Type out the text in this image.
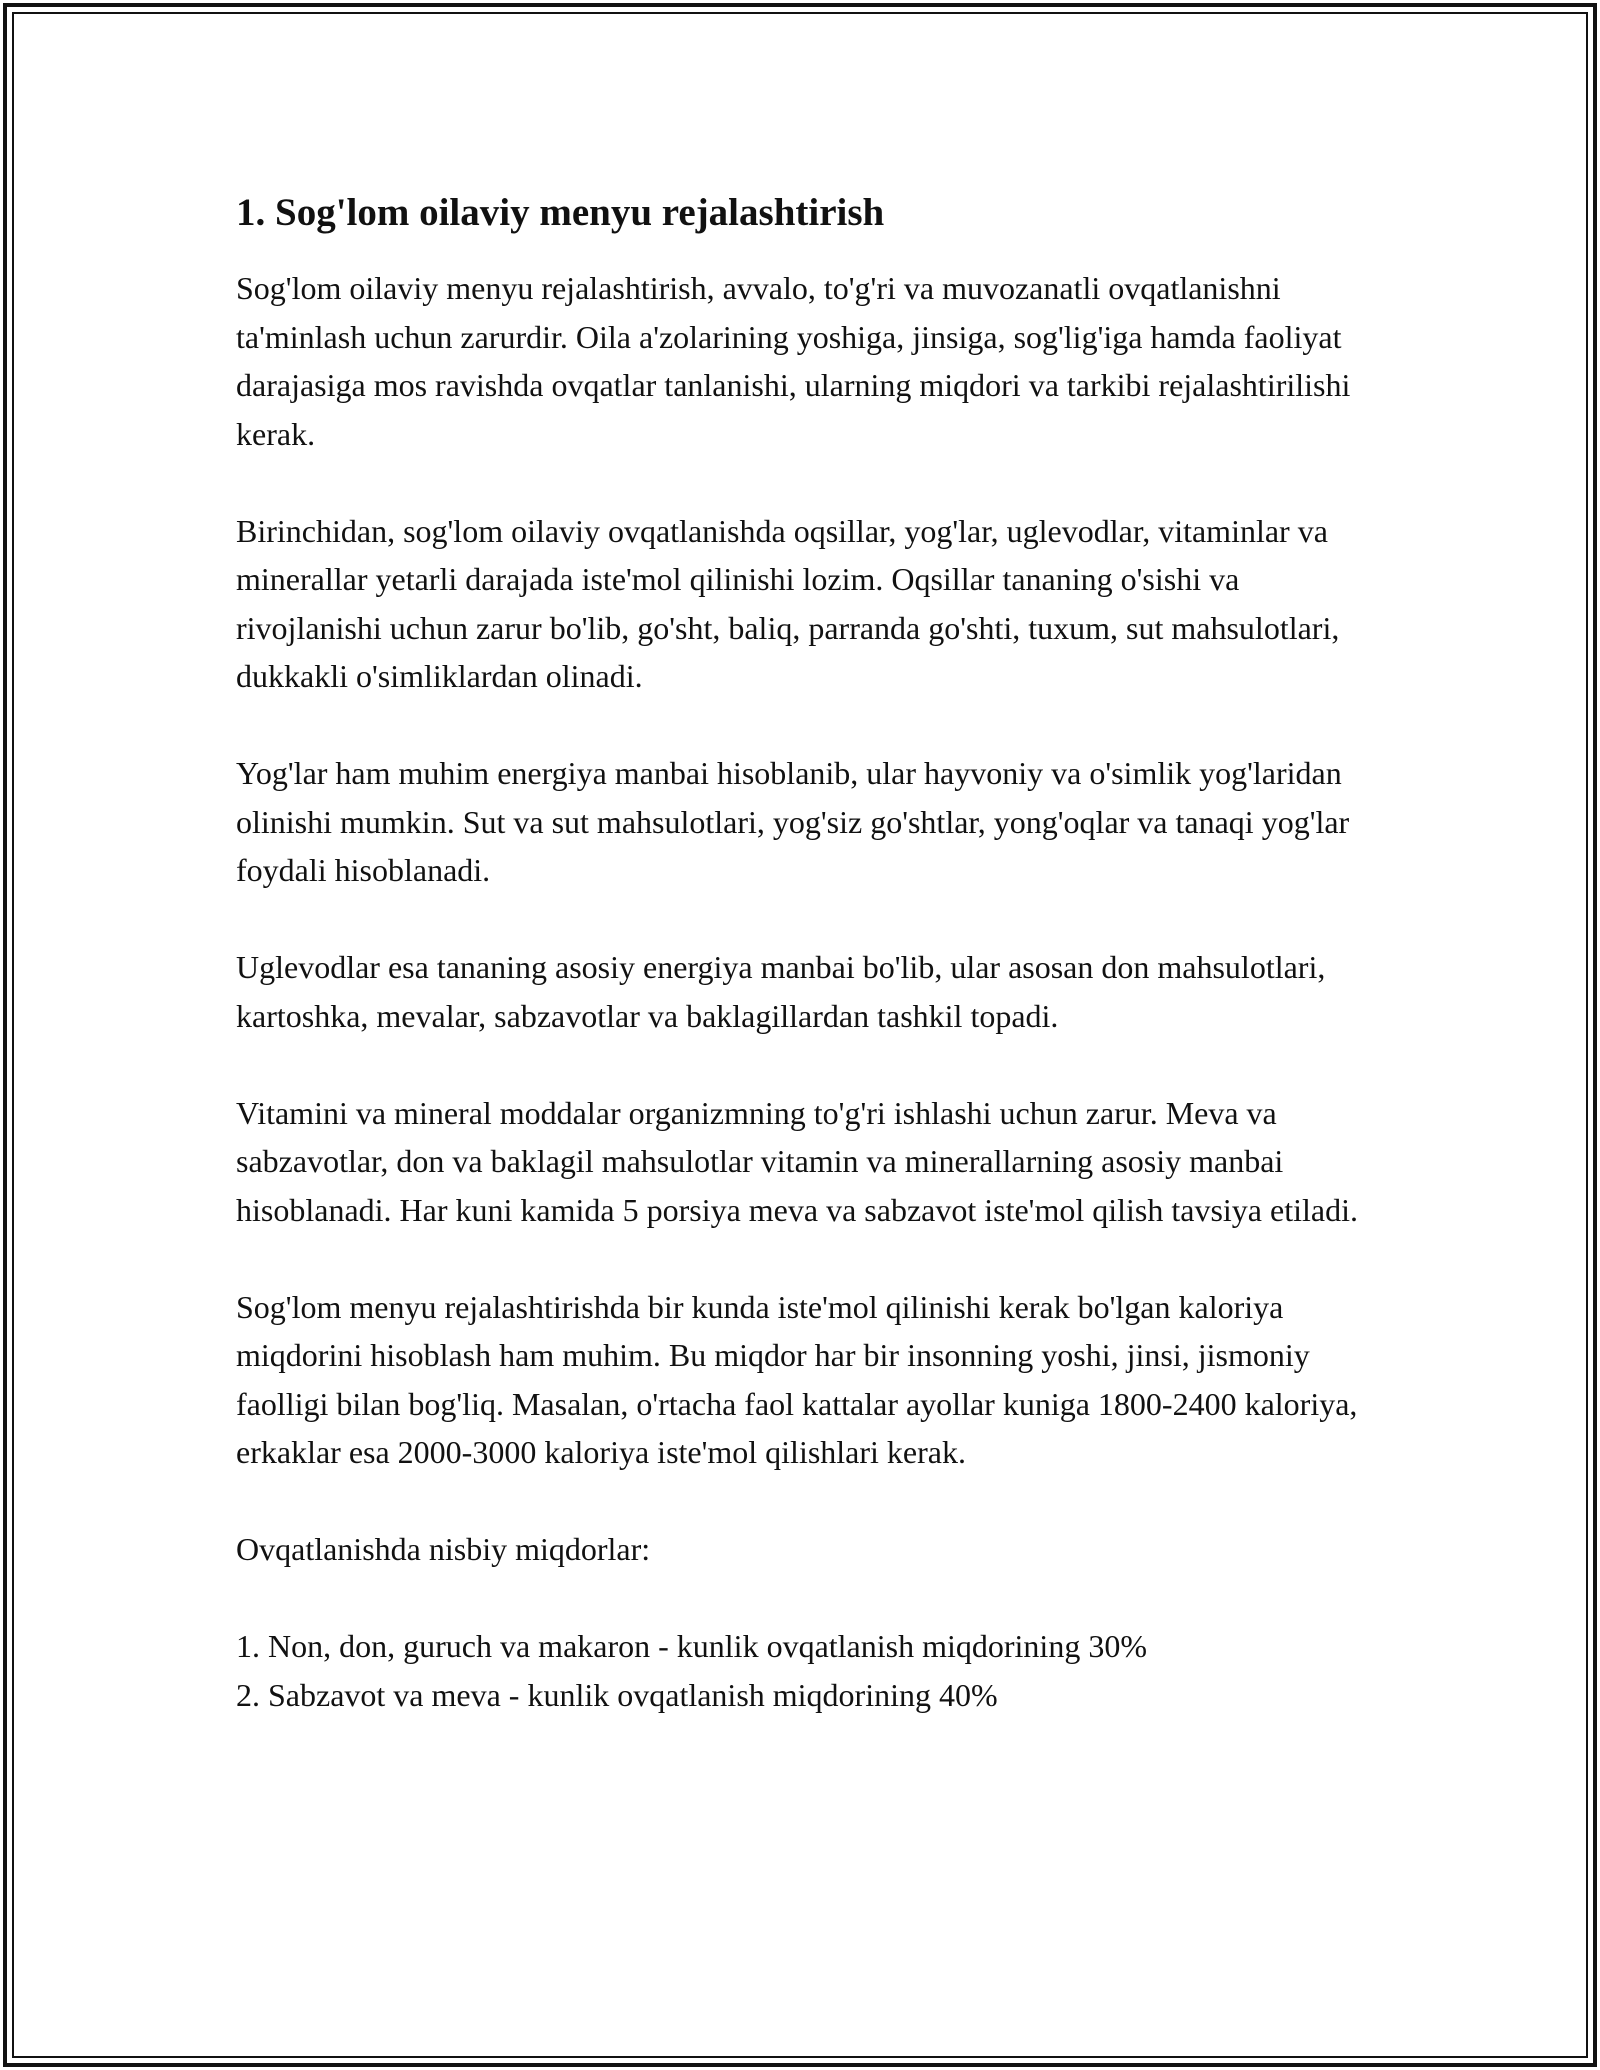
1. Sog'lom oilaviy menyu rejalashtirish

Sog'lom oilaviy menyu rejalashtirish, avvalo, to'g'ri va muvozanatli ovqatlanishni ta'minlash uchun zarurdir. Oila a'zolarining yoshiga, jinsiga, sog'lig'iga hamda faoliyat darajasiga mos ravishda ovqatlar tanlanishi, ularning miqdori va tarkibi rejalashtirilishi kerak.

Birinchidan, sog'lom oilaviy ovqatlanishda oqsillar, yog'lar, uglevodlar, vitaminlar va minerallar yetarli darajada iste'mol qilinishi lozim. Oqsillar tananing o'sishi va rivojlanishi uchun zarur bo'lib, go'sht, baliq, parranda go'shti, tuxum, sut mahsulotlari, dukkakli o'simliklardan olinadi.

Yog'lar ham muhim energiya manbai hisoblanib, ular hayvoniy va o'simlik yog'laridan olinishi mumkin. Sut va sut mahsulotlari, yog'siz go'shtlar, yong'oqlar va tanaqi yog'lar foydali hisoblanadi.

Uglevodlar esa tananing asosiy energiya manbai bo'lib, ular asosan don mahsulotlari, kartoshka, mevalar, sabzavotlar va baklagillardan tashkil topadi.

Vitamini va mineral moddalar organizmning to'g'ri ishlashi uchun zarur. Meva va sabzavotlar, don va baklagil mahsulotlar vitamin va minerallarning asosiy manbai hisoblanadi. Har kuni kamida 5 porsiya meva va sabzavot iste'mol qilish tavsiya etiladi.

Sog'lom menyu rejalashtirishda bir kunda iste'mol qilinishi kerak bo'lgan kaloriya miqdorini hisoblash ham muhim. Bu miqdor har bir insonning yoshi, jinsi, jismoniy faolligi bilan bog'liq. Masalan, o'rtacha faol kattalar ayollar kuniga 1800-2400 kaloriya, erkaklar esa 2000-3000 kaloriya iste'mol qilishlari kerak.

Ovqatlanishda nisbiy miqdorlar:

1. Non, don, guruch va makaron - kunlik ovqatlanish miqdorining 30%
2. Sabzavot va meva - kunlik ovqatlanish miqdorining 40%
